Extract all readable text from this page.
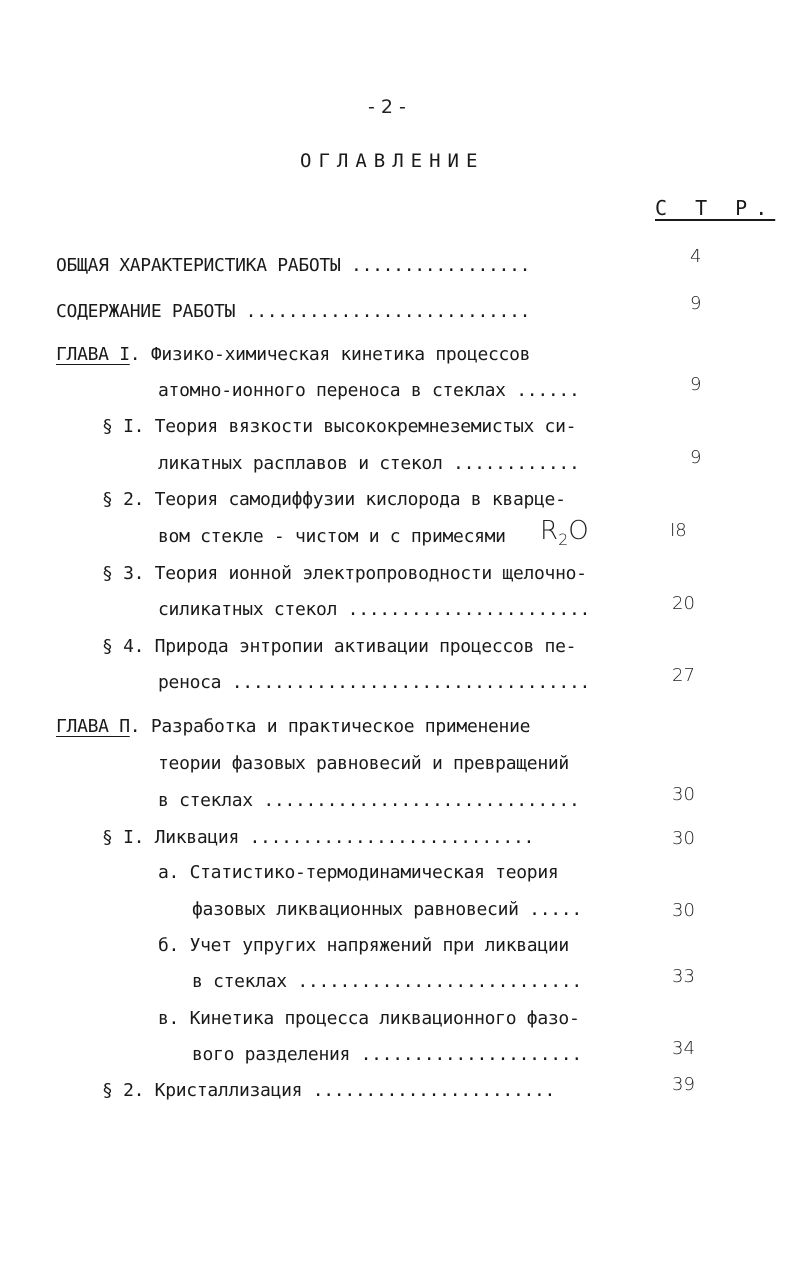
- 2 -
ОГЛАВЛЕНИЕ
С Т Р.
ОБЩАЯ ХАРАКТЕРИСТИКА РАБОТЫ .................	4
СОДЕРЖАНИЕ РАБОТЫ ...........................	9
ГЛАВА I. Физико-химическая кинетика процессов
атомно-ионного переноса в стеклах ......	9
§ I. Теория вязкости высококремнеземистых си-
ликатных расплавов и стекол ............	9
§ 2. Теория самодиффузии кислорода в кварце-
вом стекле - чистом и с примесями $R_2O$	I8
§ 3. Теория ионной электропроводности щелочно-
силикатных стекол .......................	20
§ 4. Природа энтропии активации процессов пе-
реноса ..................................	27
ГЛАВА П. Разработка и практическое применение
теории фазовых равновесий и превращений
в стеклах ..............................	30
§ I. Ликвация ...........................	30
а. Статистико-термодинамическая теория
фазовых ликвационных равновесий .....	30
б. Учет упругих напряжений при ликвации
в стеклах ...........................	33
в. Кинетика процесса ликвационного фазо-
вого разделения .....................	34
§ 2. Кристаллизация .......................	39
